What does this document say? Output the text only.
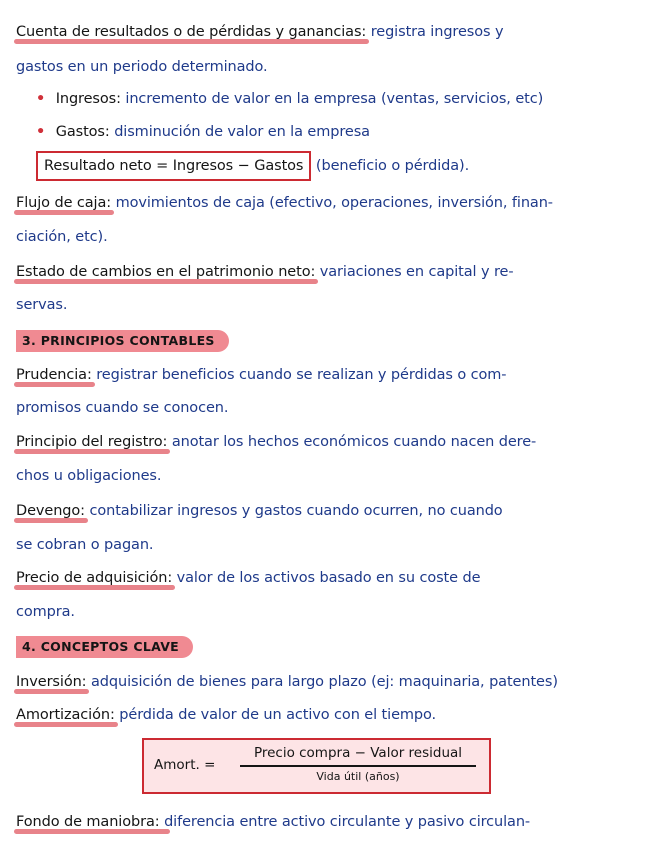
Cuenta de resultados o de pérdidas y ganancias: registra ingresos y
gastos en un periodo determinado.
• Ingresos: incremento de valor en la empresa (ventas, servicios, etc)
• Gastos: disminución de valor en la empresa
Resultado neto = Ingresos − Gastos (beneficio o pérdida).
Flujo de caja: movimientos de caja (efectivo, operaciones, inversión, finan-
ciación, etc).
Estado de cambios en el patrimonio neto: variaciones en capital y re-
servas.
3. PRINCIPIOS CONTABLES
Prudencia: registrar beneficios cuando se realizan y pérdidas o com-
promisos cuando se conocen.
Principio del registro: anotar los hechos económicos cuando nacen dere-
chos u obligaciones.
Devengo: contabilizar ingresos y gastos cuando ocurren, no cuando
se cobran o pagan.
Precio de adquisición: valor de los activos basado en su coste de
compra.
4. CONCEPTOS CLAVE
Inversión: adquisición de bienes para largo plazo (ej: maquinaria, patentes)
Amortización: pérdida de valor de un activo con el tiempo.
Amort. =
Precio compra − Valor residual
Vida útil (años)
Fondo de maniobra: diferencia entre activo circulante y pasivo circulan-
